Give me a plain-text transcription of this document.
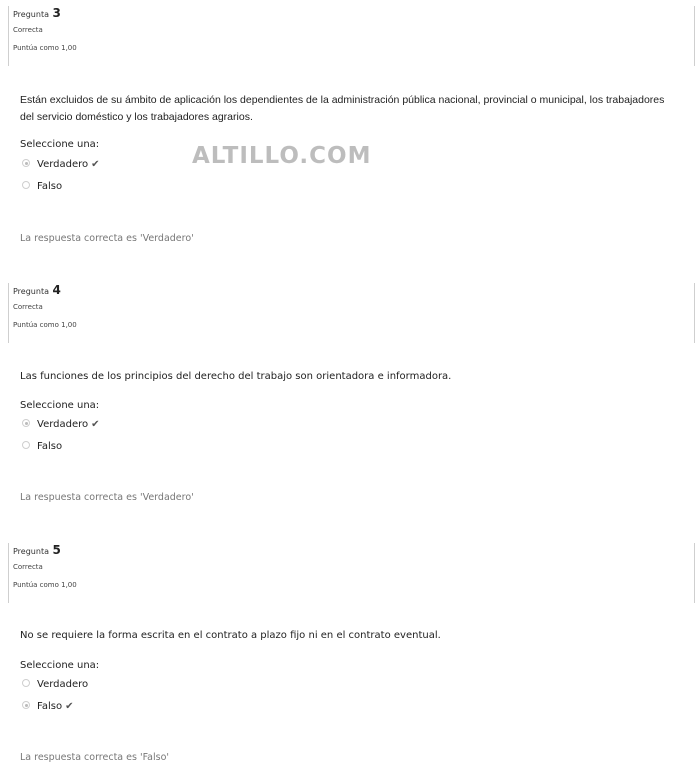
Pregunta 3
Correcta
Puntúa como 1,00
Están excluidos de su ámbito de aplicación los dependientes de la administración pública nacional, provincial o municipal, los trabajadores del servicio doméstico y los trabajadores agrarios.
Seleccione una:
Verdadero ✔
Falso
La respuesta correcta es 'Verdadero'
ALTILLO.COM
Pregunta 4
Correcta
Puntúa como 1,00
Las funciones de los principios del derecho del trabajo son orientadora e informadora.
Seleccione una:
Verdadero ✔
Falso
La respuesta correcta es 'Verdadero'
Pregunta 5
Correcta
Puntúa como 1,00
No se requiere la forma escrita en el contrato a plazo fijo ni en el contrato eventual.
Seleccione una:
Verdadero
Falso ✔
La respuesta correcta es 'Falso'
